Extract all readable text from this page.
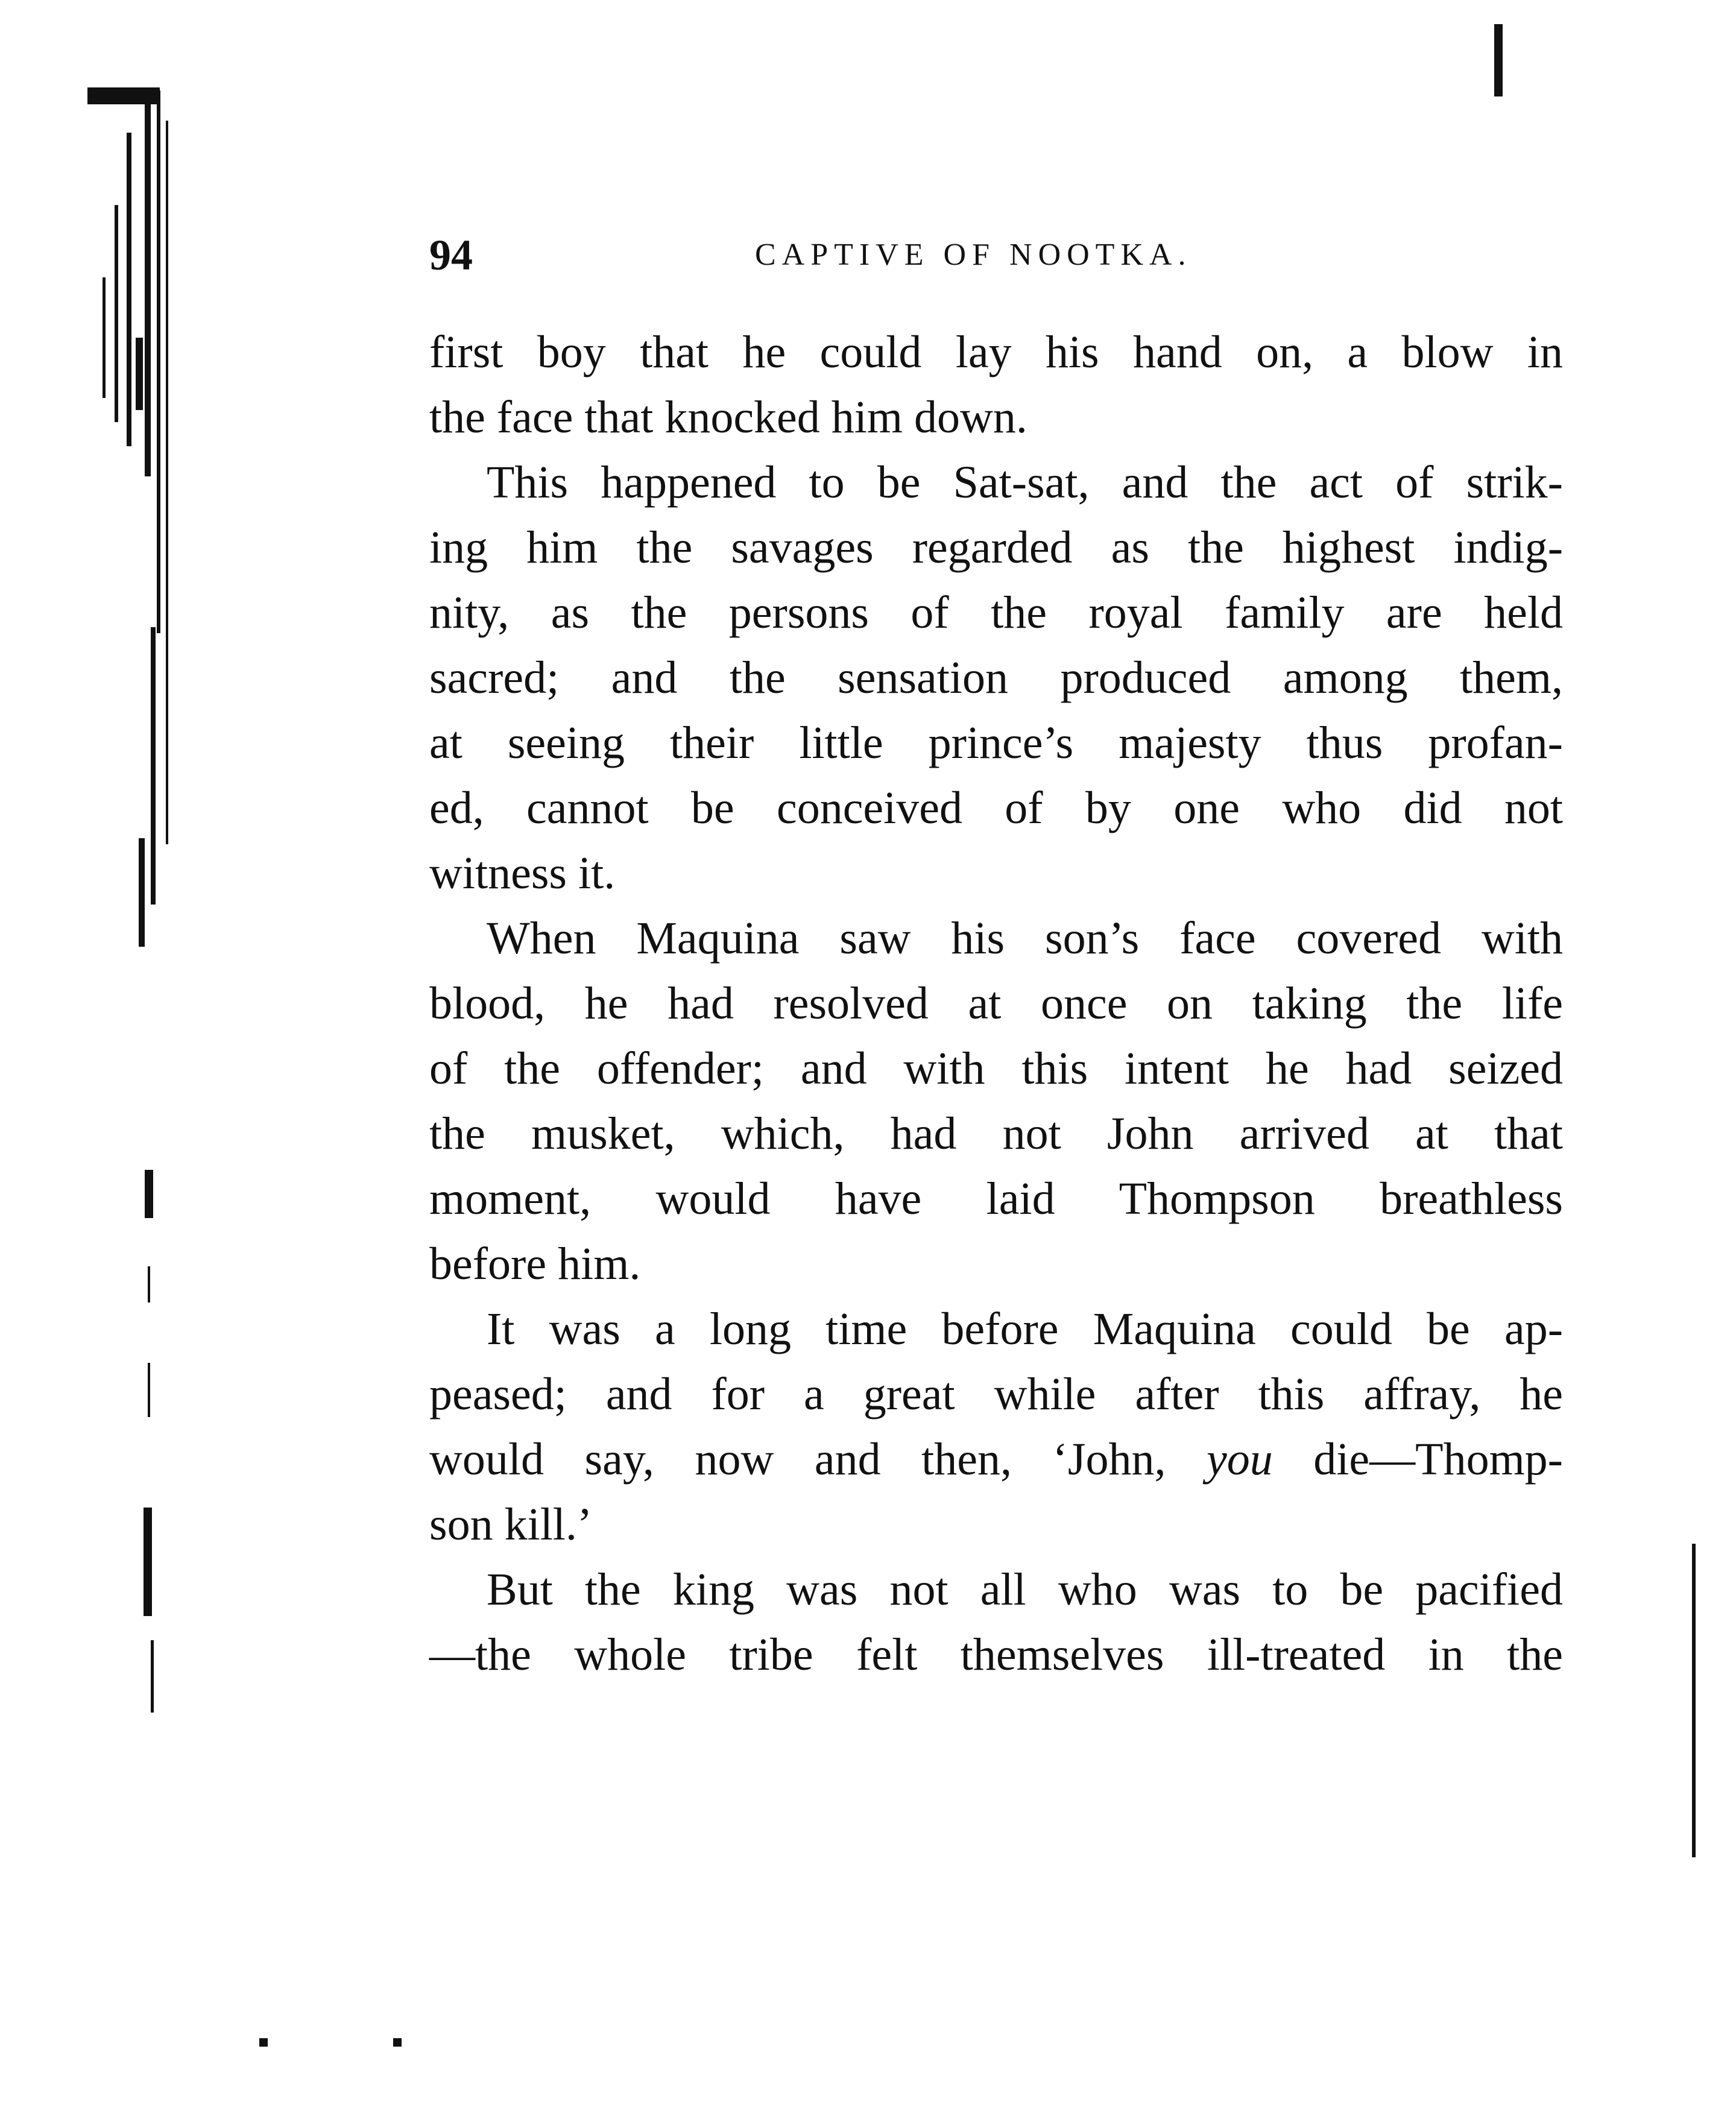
94	CAPTIVE OF NOOTKA.
first boy that he could lay his hand on, a blow in
the face that knocked him down.
This happened to be Sat-sat, and the act of strik-
ing him the savages regarded as the highest indig-
nity, as the persons of the royal family are held
sacred; and the sensation produced among them,
at seeing their little prince’s majesty thus profan-
ed, cannot be conceived of by one who did not
witness it.
When Maquina saw his son’s face covered with
blood, he had resolved at once on taking the life
of the offender; and with this intent he had seized
the musket, which, had not John arrived at that
moment, would have laid Thompson breathless
before him.
It was a long time before Maquina could be ap-
peased; and for a great while after this affray, he
would say, now and then, ‘John, you die—Thomp-
son kill.’
But the king was not all who was to be pacified
—the whole tribe felt themselves ill-treated in the
